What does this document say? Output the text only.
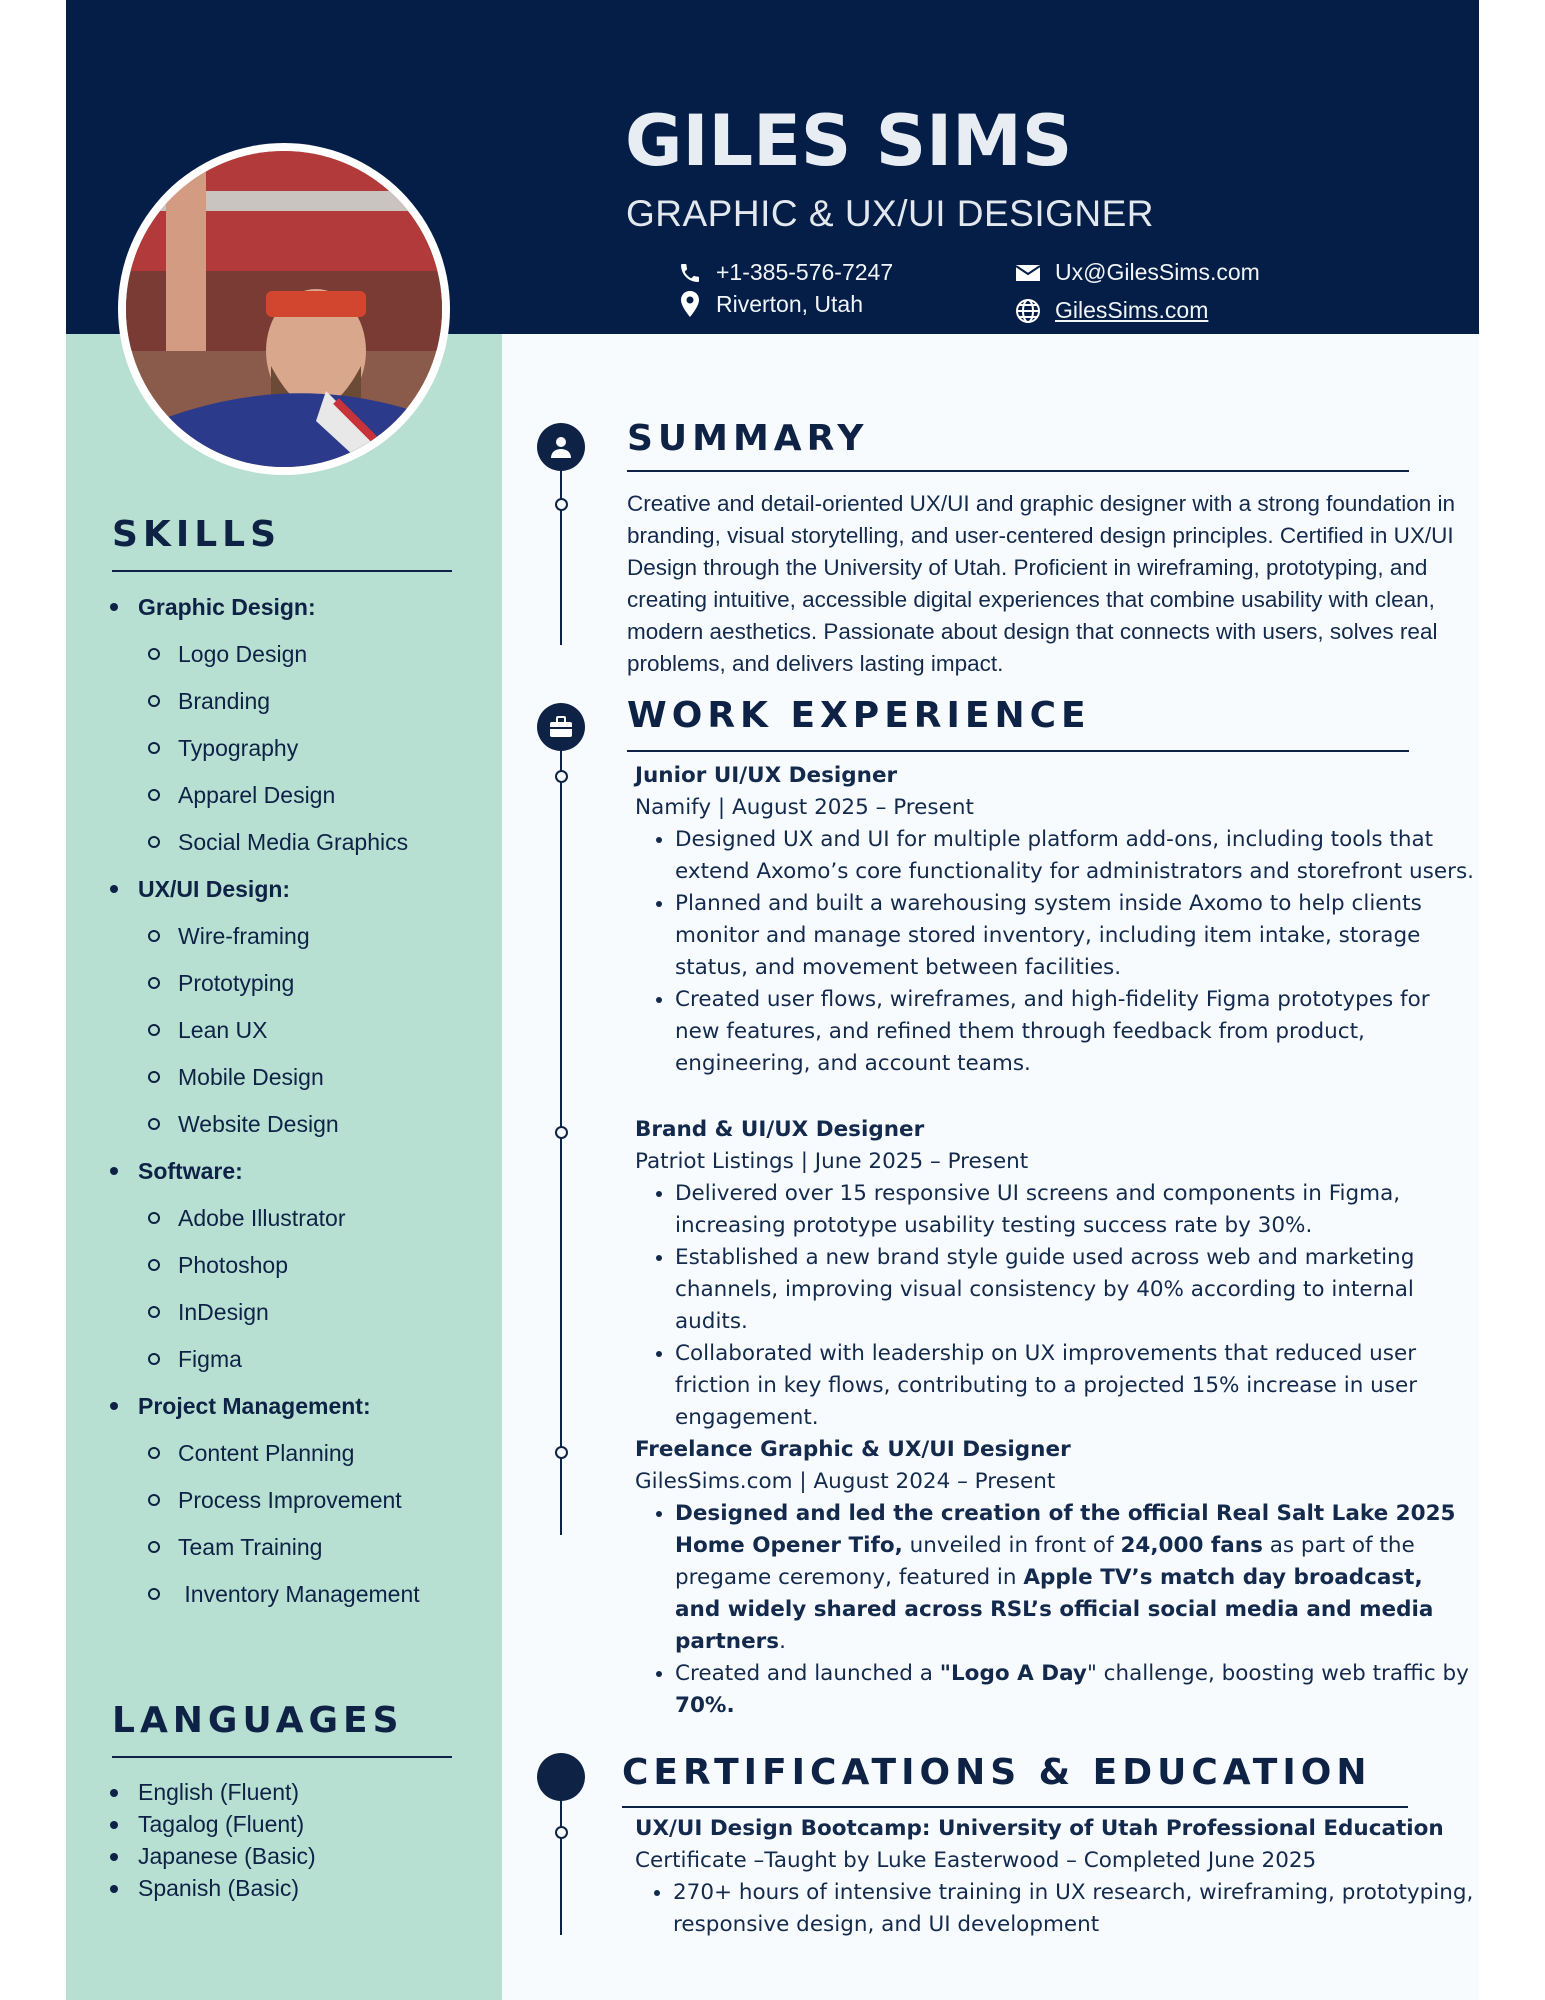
GILES SIMS
GRAPHIC & UX/UI DESIGNER
+1-385-576-7247
Riverton, Utah
Ux@GilesSims.com
GilesSims.com
SKILLS
Graphic Design:
Logo Design
Branding
Typography
Apparel Design
Social Media Graphics
UX/UI Design:
Wire-framing
Prototyping
Lean UX
Mobile Design
Website Design
Software:
Adobe Illustrator
Photoshop
InDesign
Figma
Project Management:
Content Planning
Process Improvement
Team Training
Inventory Management
LANGUAGES
English (Fluent)
Tagalog (Fluent)
Japanese (Basic)
Spanish (Basic)
SUMMARY
Creative and detail-oriented UX/UI and graphic designer with a strong foundation in branding, visual storytelling, and user-centered design principles. Certified in UX/UI Design through the University of Utah. Proficient in wireframing, prototyping, and creating intuitive, accessible digital experiences that combine usability with clean, modern aesthetics. Passionate about design that connects with users, solves real problems, and delivers lasting impact.
WORK EXPERIENCE
Junior UI/UX Designer
Namify | August 2025 – Present
• Designed UX and UI for multiple platform add-ons, including tools that extend Axomo’s core functionality for administrators and storefront users.
• Planned and built a warehousing system inside Axomo to help clients monitor and manage stored inventory, including item intake, storage status, and movement between facilities.
• Created user flows, wireframes, and high-fidelity Figma prototypes for new features, and refined them through feedback from product, engineering, and account teams.
Brand & UI/UX Designer
Patriot Listings | June 2025 – Present
• Delivered over 15 responsive UI screens and components in Figma, increasing prototype usability testing success rate by 30%.
• Established a new brand style guide used across web and marketing channels, improving visual consistency by 40% according to internal audits.
• Collaborated with leadership on UX improvements that reduced user friction in key flows, contributing to a projected 15% increase in user engagement.
Freelance Graphic & UX/UI Designer
GilesSims.com | August 2024 – Present
• Designed and led the creation of the official Real Salt Lake 2025 Home Opener Tifo, unveiled in front of 24,000 fans as part of the pregame ceremony, featured in Apple TV’s match day broadcast, and widely shared across RSL’s official social media and media partners.
• Created and launched a "Logo A Day" challenge, boosting web traffic by 70%.
CERTIFICATIONS & EDUCATION
UX/UI Design Bootcamp: University of Utah Professional Education
Certificate –Taught by Luke Easterwood – Completed June 2025
• 270+ hours of intensive training in UX research, wireframing, prototyping, responsive design, and UI development
